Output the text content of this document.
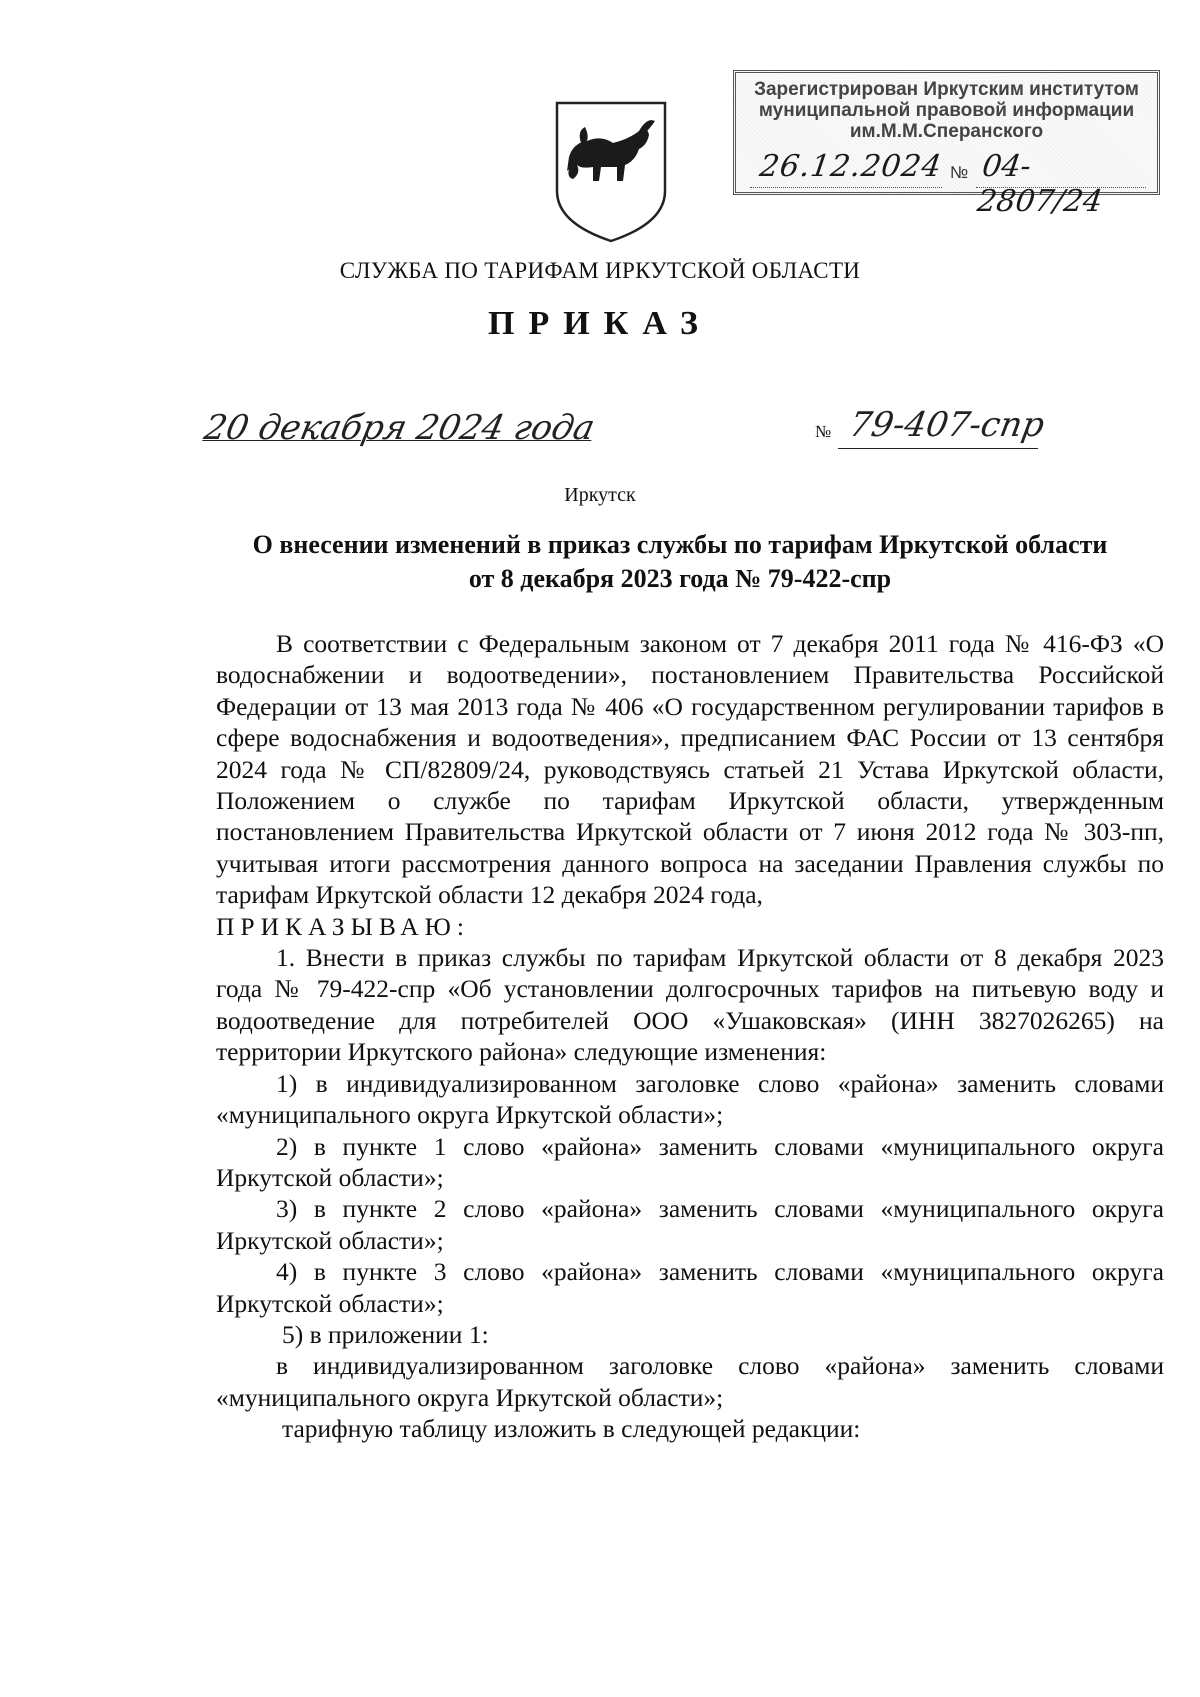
Зарегистрирован Иркутским институтом
муниципальной правовой информации
им.М.М.Сперанского
26.12.2024 № 04-2807/24
СЛУЖБА ПО ТАРИФАМ ИРКУТСКОЙ ОБЛАСТИ
ПРИКАЗ
20 декабря 2024 года	№ 79-407-спр
Иркутск
О внесении изменений в приказ службы по тарифам Иркутской области
от 8 декабря 2023 года № 79-422-спр

В соответствии с Федеральным законом от 7 декабря 2011 года № 416-ФЗ «О водоснабжении и водоотведении», постановлением Правительства Российской Федерации от 13 мая 2013 года № 406 «О государственном регулировании тарифов в сфере водоснабжения и водоотведения», предписанием ФАС России от 13 сентября 2024 года № СП/82809/24, руководствуясь статьей 21 Устава Иркутской области, Положением о службе по тарифам Иркутской области, утвержденным постановлением Правительства Иркутской области от 7 июня 2012 года № 303-пп, учитывая итоги рассмотрения данного вопроса на заседании Правления службы по тарифам Иркутской области 12 декабря 2024 года,

ПРИКАЗЫВАЮ:

1. Внести в приказ службы по тарифам Иркутской области от 8 декабря 2023 года № 79-422-спр «Об установлении долгосрочных тарифов на питьевую воду и водоотведение для потребителей ООО «Ушаковская» (ИНН 3827026265) на территории Иркутского района» следующие изменения:

1) в индивидуализированном заголовке слово «района» заменить словами «муниципального округа Иркутской области»;

2) в пункте 1 слово «района» заменить словами «муниципального округа Иркутской области»;

3) в пункте 2 слово «района» заменить словами «муниципального округа Иркутской области»;

4) в пункте 3 слово «района» заменить словами «муниципального округа Иркутской области»;

5) в приложении 1:

в индивидуализированном заголовке слово «района» заменить словами «муниципального округа Иркутской области»;

тарифную таблицу изложить в следующей редакции:
